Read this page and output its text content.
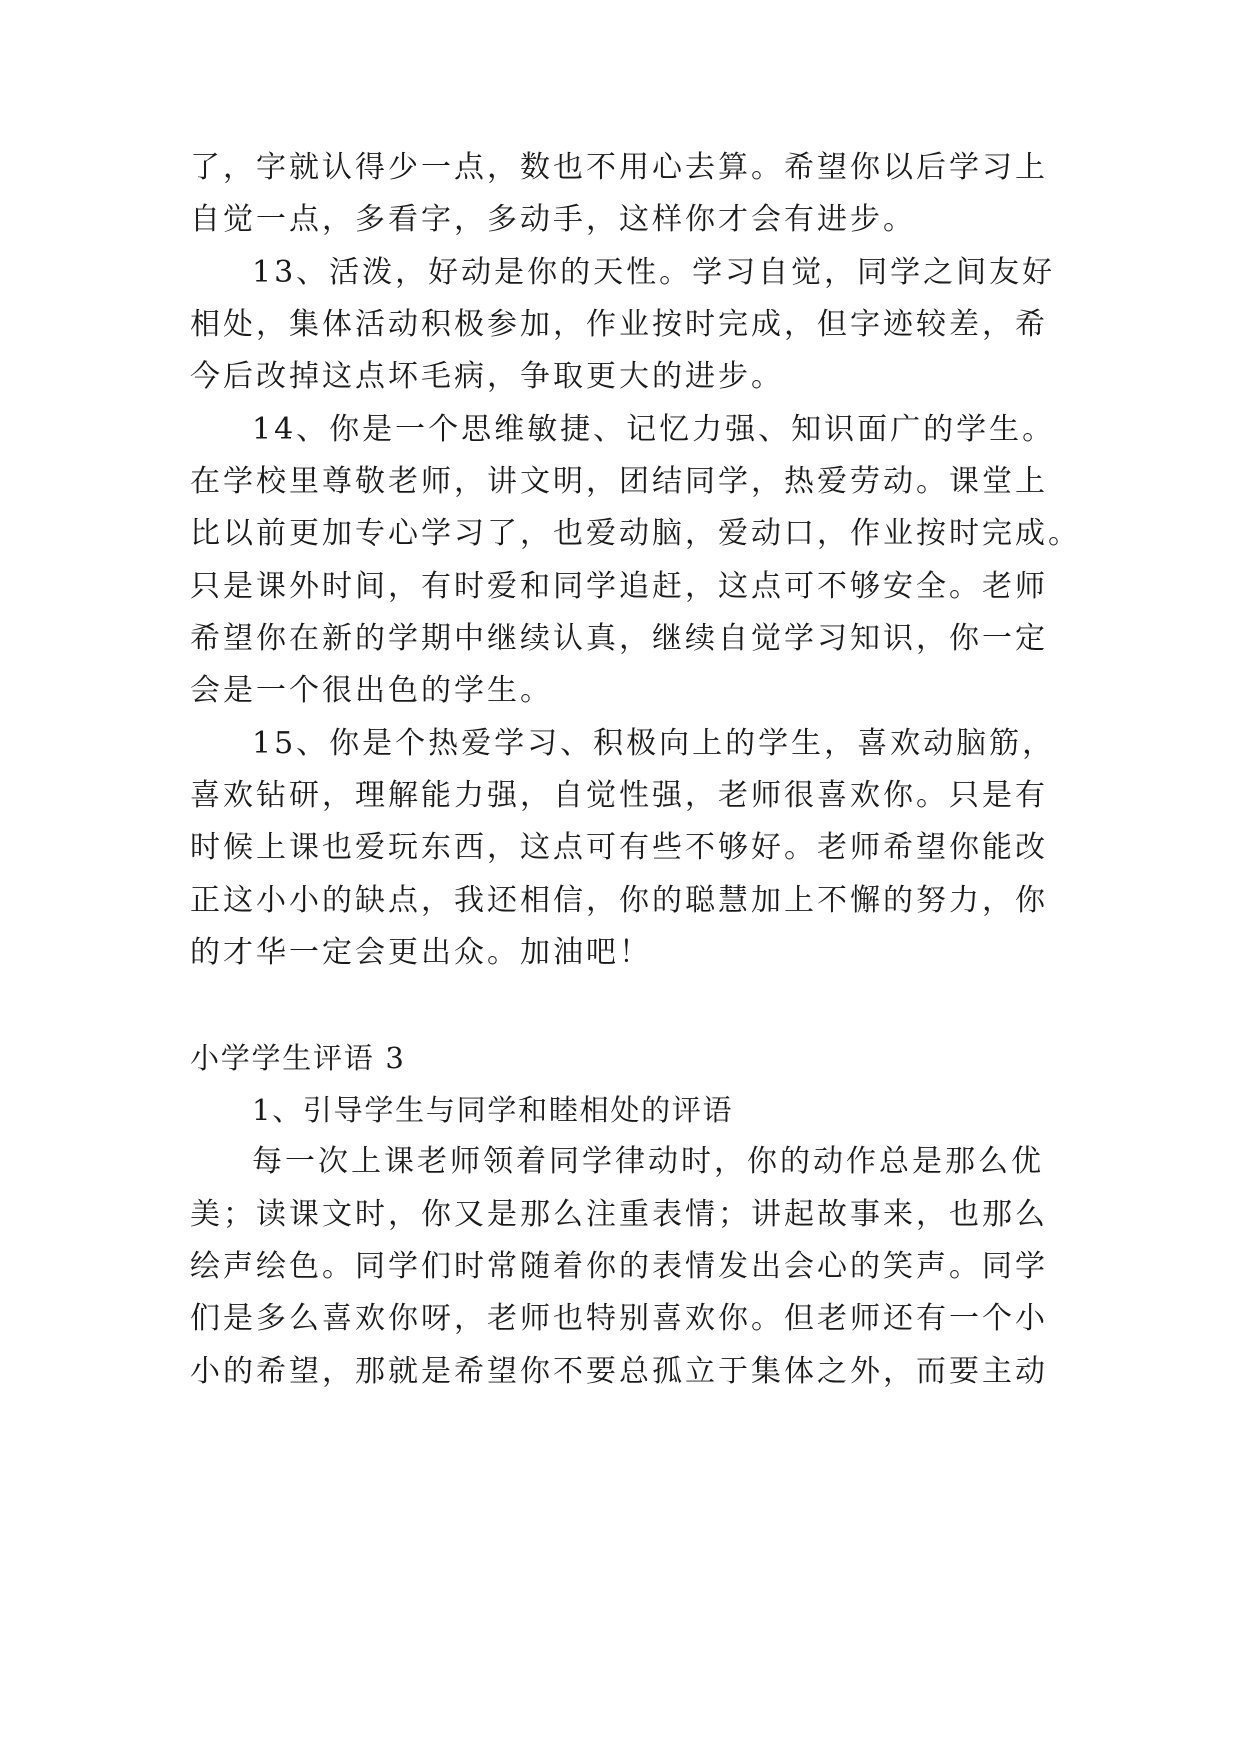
了，字就认得少一点，数也不用心去算。希望你以后学习上

自觉一点，多看字，多动手，这样你才会有进步。

13、活泼，好动是你的天性。学习自觉，同学之间友好

相处，集体活动积极参加，作业按时完成，但字迹较差，希

今后改掉这点坏毛病，争取更大的进步。

14、你是一个思维敏捷、记忆力强、知识面广的学生。

在学校里尊敬老师，讲文明，团结同学，热爱劳动。课堂上

比以前更加专心学习了，也爱动脑，爱动口，作业按时完成。

只是课外时间，有时爱和同学追赶，这点可不够安全。老师

希望你在新的学期中继续认真，继续自觉学习知识，你一定

会是一个很出色的学生。

15、你是个热爱学习、积极向上的学生，喜欢动脑筋，

喜欢钻研，理解能力强，自觉性强，老师很喜欢你。只是有

时候上课也爱玩东西，这点可有些不够好。老师希望你能改

正这小小的缺点，我还相信，你的聪慧加上不懈的努力，你

的才华一定会更出众。加油吧！

小学学生评语 3

1、引导学生与同学和睦相处的评语

每一次上课老师领着同学律动时，你的动作总是那么优

美；读课文时，你又是那么注重表情；讲起故事来，也那么

绘声绘色。同学们时常随着你的表情发出会心的笑声。同学

们是多么喜欢你呀，老师也特别喜欢你。但老师还有一个小

小的希望，那就是希望你不要总孤立于集体之外，而要主动
